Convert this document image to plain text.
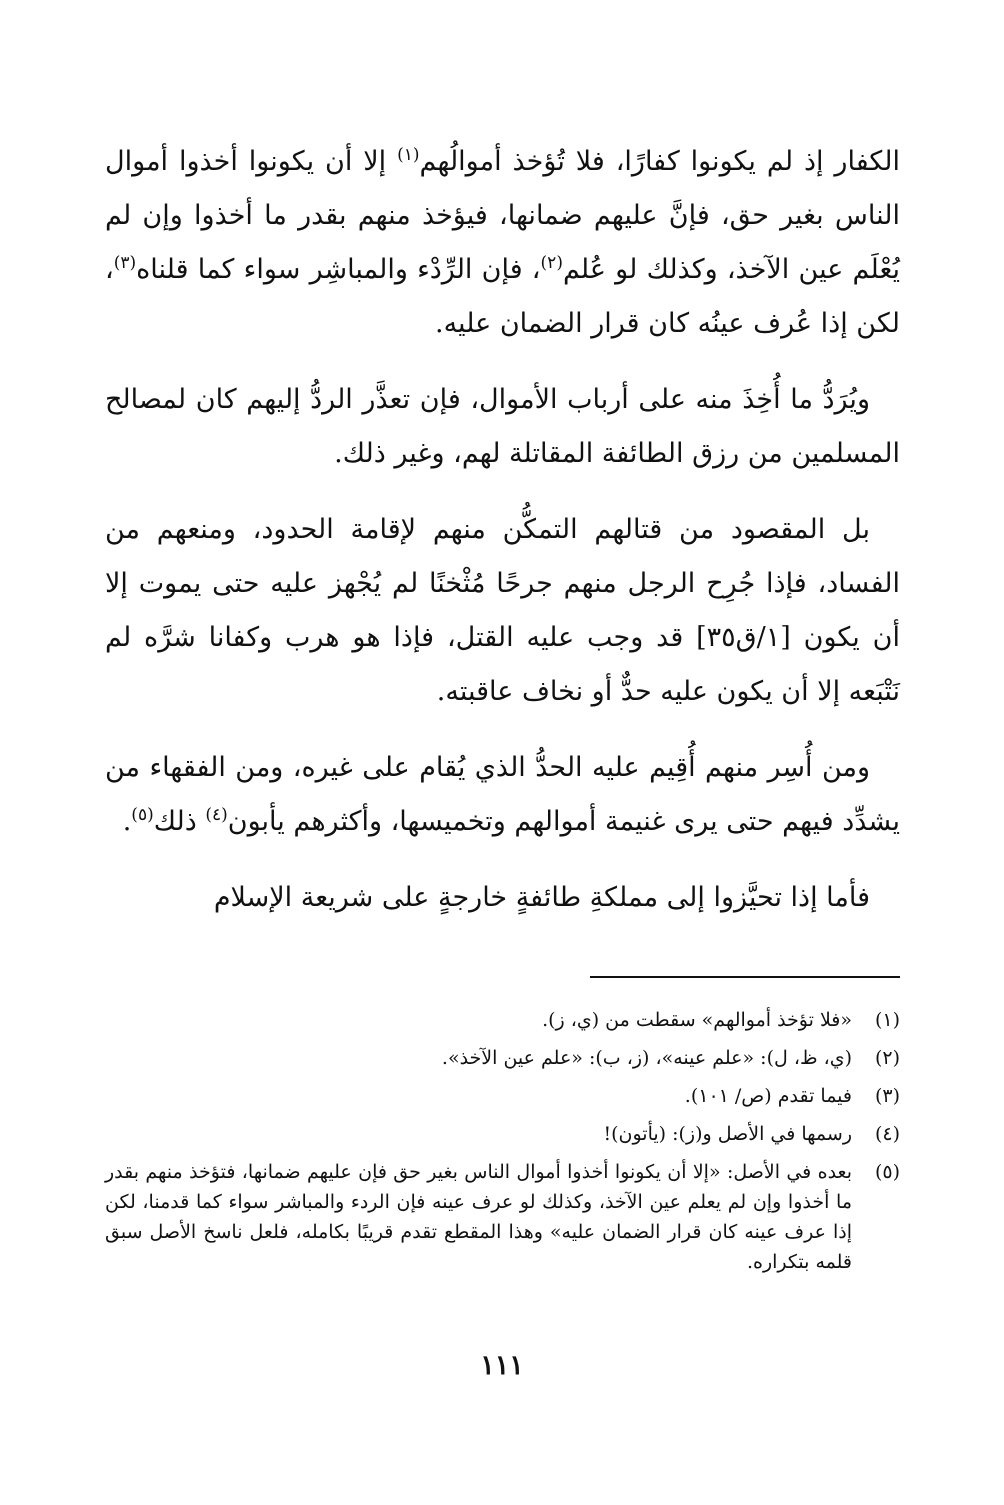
الكفار إذ لم يكونوا كفارًا، فلا تُؤخذ أموالُهم$^{(١)}$ إلا أن يكونوا أخذوا أموال الناس بغير حق، فإنَّ عليهم ضمانها، فيؤخذ منهم بقدر ما أخذوا وإن لم يُعْلَم عين الآخذ، وكذلك لو عُلم$^{(٢)}$، فإن الرِّدْء والمباشِر سواء كما قلناه$^{(٣)}$، لكن إذا عُرف عينُه كان قرار الضمان عليه.

ويُرَدُّ ما أُخِذَ منه على أرباب الأموال، فإن تعذَّر الردُّ إليهم كان لمصالح المسلمين من رزق الطائفة المقاتلة لهم، وغير ذلك.

بل المقصود من قتالهم التمكُّن منهم لإقامة الحدود، ومنعهم من الفساد، فإذا جُرِح الرجل منهم جرحًا مُثْخنًا لم يُجْهز عليه حتى يموت إلا أن يكون [١/ق٣٥] قد وجب عليه القتل، فإذا هو هرب وكفانا شرَّه لم نَتْبَعه إلا أن يكون عليه حدٌّ أو نخاف عاقبته.

ومن أُسِر منهم أُقِيم عليه الحدُّ الذي يُقام على غيره، ومن الفقهاء من يشدِّد فيهم حتى يرى غنيمة أموالهم وتخميسها، وأكثرهم يأبون$^{(٤)}$ ذلك$^{(٥)}$.

فأما إذا تحيَّزوا إلى مملكةِ طائفةٍ خارجةٍ على شريعة الإسلام

(١)
«فلا تؤخذ أموالهم» سقطت من (ي، ز).
(٢)
(ي، ظ، ل): «علم عينه»، (ز، ب): «علم عين الآخذ».
(٣)
فيما تقدم (ص/ ١٠١).
(٤)
رسمها في الأصل و(ز): (يأتون)!
(٥)
بعده في الأصل: «إلا أن يكونوا أخذوا أموال الناس بغير حق فإن عليهم ضمانها، فتؤخذ منهم بقدر ما أخذوا وإن لم يعلم عين الآخذ، وكذلك لو عرف عينه فإن الردء والمباشر سواء كما قدمنا، لكن إذا عرف عينه كان قرار الضمان عليه» وهذا المقطع تقدم قريبًا بكامله، فلعل ناسخ الأصل سبق قلمه بتكراره.
١١١
